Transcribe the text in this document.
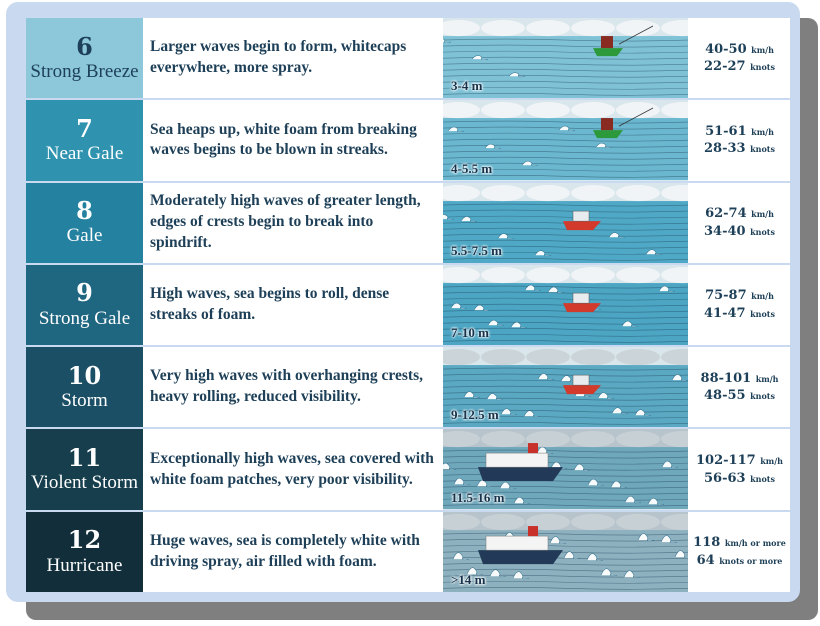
6
Strong Breeze
Larger waves begin to form, whitecaps everywhere, more spray.
3-4 m
40-50 km/h
22-27 knots
7
Near Gale
Sea heaps up, white foam from breaking waves begins to be blown in streaks.
4-5.5 m
51-61 km/h
28-33 knots
8
Gale
Moderately high waves of greater length, edges of crests begin to break into spindrift.	5.5-7.5 m
62-74 km/h
34-40 knots
9
Strong Gale
High waves, sea begins to roll, dense streaks of foam.
7-10 m
75-87 km/h
41-47 knots
10
Storm
Very high waves with overhanging crests, heavy rolling, reduced visibility.
9-12.5 m
88-101 km/h
48-55 knots
11
Violent Storm
Exceptionally high waves, sea covered with white foam patches, very poor visibility.
11.5-16 m
102-117 km/h
56-63 knots
12
Hurricane
Huge waves, sea is completely white with driving spray, air filled with foam.
>14 m
118 km/h or more
64 knots or more
